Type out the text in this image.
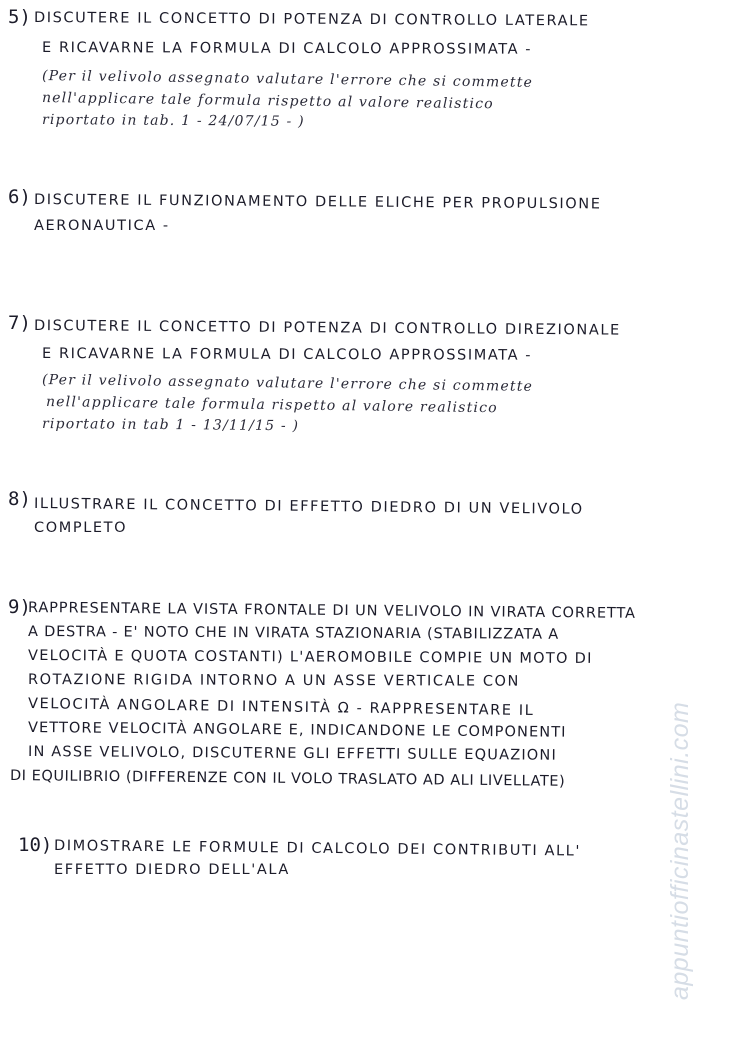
5) DISCUTERE IL CONCETTO DI POTENZA DI CONTROLLO LATERALE
E RICAVARNE LA FORMULA DI CALCOLO APPROSSIMATA -
(Per il velivolo assegnato valutare l'errore che si commette
nell'applicare tale formula rispetto al valore realistico
riportato in tab. 1 - 24/07/15 - )
6) DISCUTERE IL FUNZIONAMENTO DELLE ELICHE PER PROPULSIONE
AERONAUTICA -
7) DISCUTERE IL CONCETTO DI POTENZA DI CONTROLLO DIREZIONALE
E RICAVARNE LA FORMULA DI CALCOLO APPROSSIMATA -
(Per il velivolo assegnato valutare l'errore che si commette
nell'applicare tale formula rispetto al valore realistico
riportato in tab 1 - 13/11/15 - )
8) ILLUSTRARE IL CONCETTO DI EFFETTO DIEDRO DI UN VELIVOLO
COMPLETO
9)
RAPPRESENTARE LA VISTA FRONTALE DI UN VELIVOLO IN VIRATA CORRETTA
A DESTRA - E' NOTO CHE IN VIRATA STAZIONARIA (STABILIZZATA A
VELOCITÀ E QUOTA COSTANTI) L'AEROMOBILE COMPIE UN MOTO DI
ROTAZIONE RIGIDA INTORNO A UN ASSE VERTICALE CON
VELOCITÀ ANGOLARE DI INTENSITÀ Ω - RAPPRESENTARE IL
VETTORE VELOCITÀ ANGOLARE E, INDICANDONE LE COMPONENTI
IN ASSE VELIVOLO, DISCUTERNE GLI EFFETTI SULLE EQUAZIONI
DI EQUILIBRIO (DIFFERENZE CON IL VOLO TRASLATO AD ALI LIVELLATE)
10) DIMOSTRARE LE FORMULE DI CALCOLO DEI CONTRIBUTI ALL'
EFFETTO DIEDRO DELL'ALA	appuntiofficinastellini.com
